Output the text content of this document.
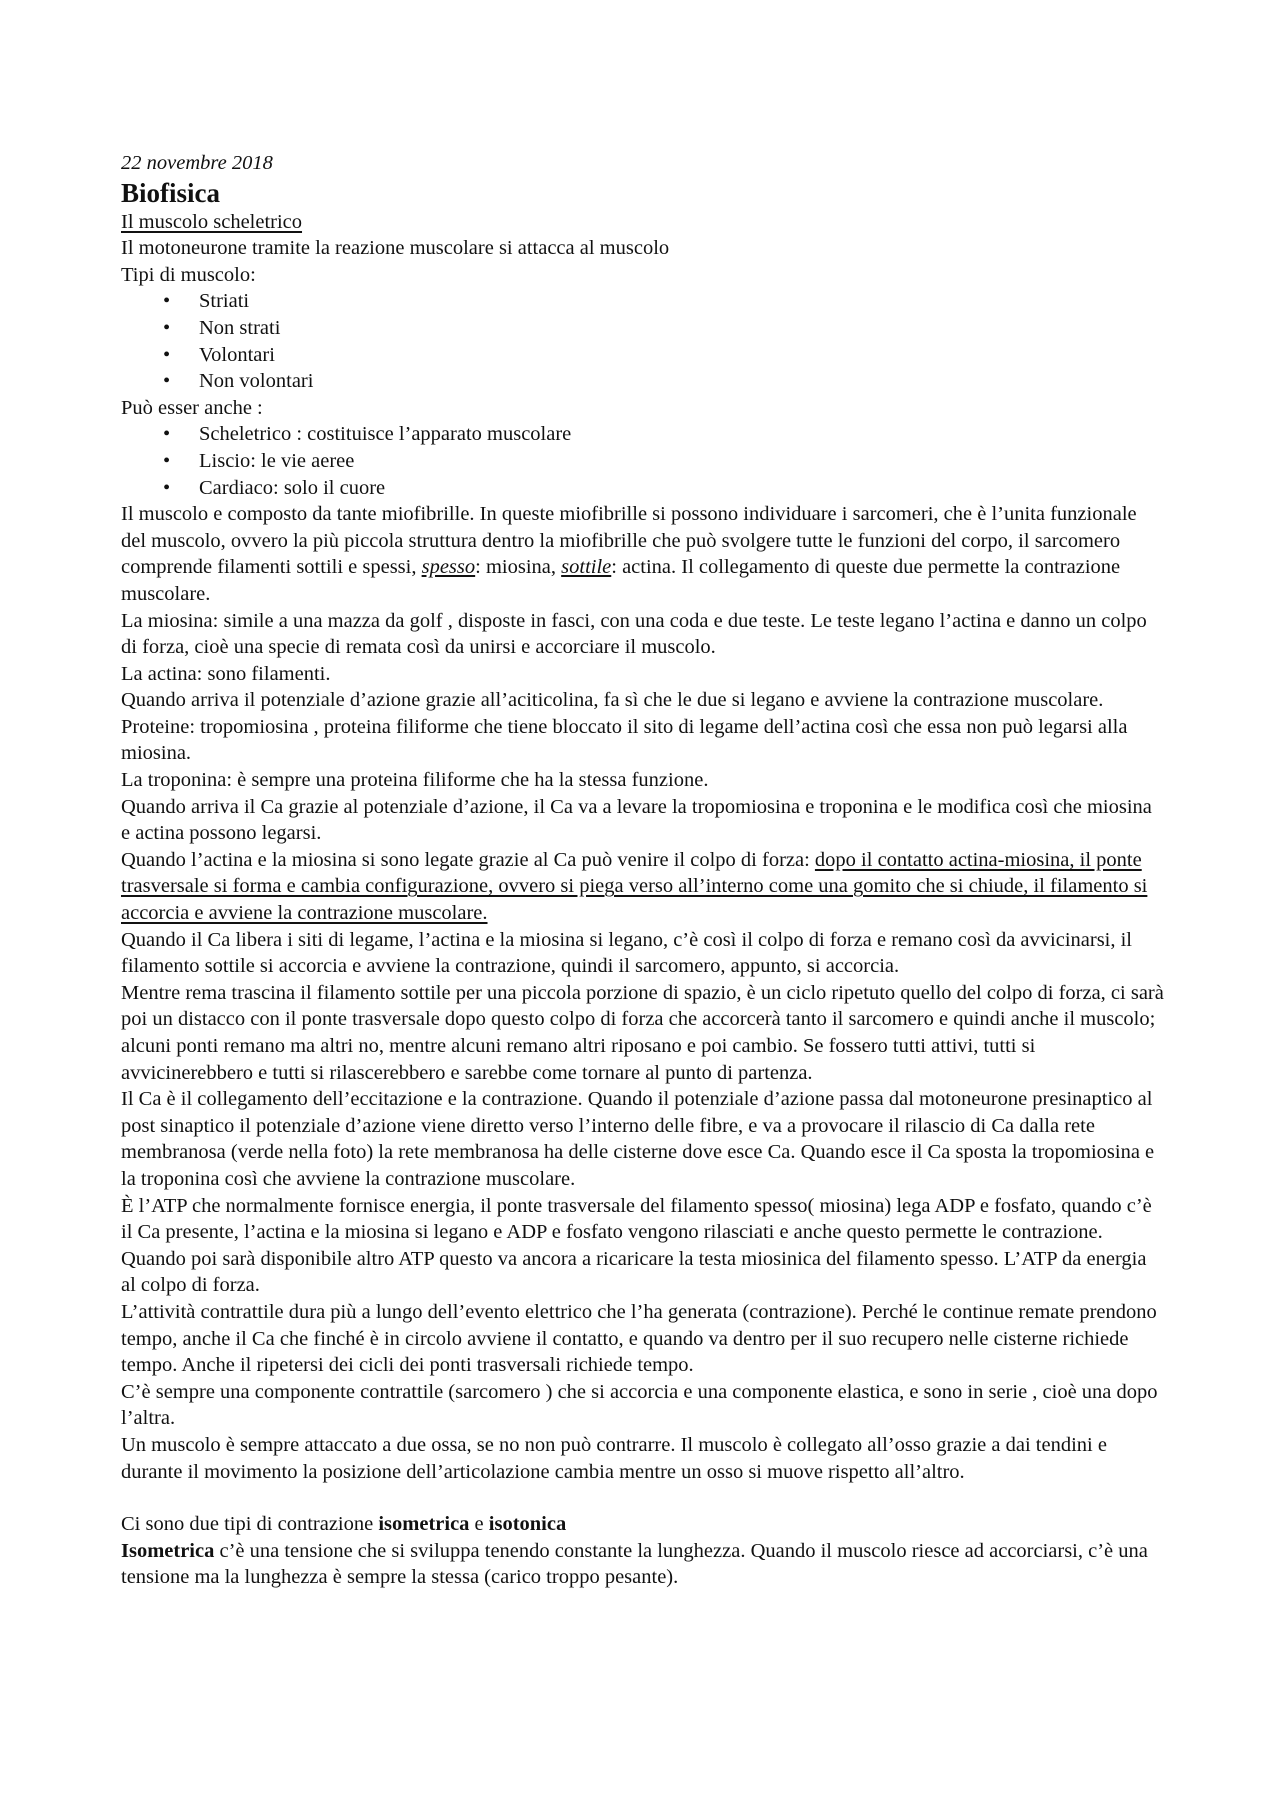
22 novembre 2018

Biofisica

Il muscolo scheletrico

Il motoneurone tramite la reazione muscolare si attacca al muscolo

Tipi di muscolo:

• Striati
• Non strati
• Volontari
• Non volontari

Può esser anche :

• Scheletrico : costituisce l’apparato muscolare
• Liscio: le vie aeree
• Cardiaco: solo il cuore

Il muscolo e composto da tante miofibrille. In queste miofibrille si possono individuare i sarcomeri, che è l’unita funzionale del muscolo, ovvero la più piccola struttura dentro la miofibrille che può svolgere tutte le funzioni del corpo, il sarcomero comprende filamenti sottili e spessi, spesso: miosina, sottile: actina. Il collegamento di queste due permette la contrazione muscolare.

La miosina: simile a una mazza da golf , disposte in fasci, con una coda e due teste. Le teste legano l’actina e danno un colpo di forza, cioè una specie di remata così da unirsi e accorciare il muscolo.

La actina: sono filamenti.

Quando arriva il potenziale d’azione grazie all’aciticolina, fa sì che le due si legano e avviene la contrazione muscolare.

Proteine: tropomiosina , proteina filiforme che tiene bloccato il sito di legame dell’actina così che essa non può legarsi alla miosina.

La troponina: è sempre una proteina filiforme che ha la stessa funzione.

Quando arriva il Ca grazie al potenziale d’azione, il Ca va a levare la tropomiosina e troponina e le modifica così che miosina e actina possono legarsi.

Quando l’actina e la miosina si sono legate grazie al Ca può venire il colpo di forza: dopo il contatto actina-miosina, il ponte trasversale si forma e cambia configurazione, ovvero si piega verso all’interno come una gomito che si chiude, il filamento si accorcia e avviene la contrazione muscolare.

Quando il Ca libera i siti di legame, l’actina e la miosina si legano, c’è così il colpo di forza e remano così da avvicinarsi, il filamento sottile si accorcia e avviene la contrazione, quindi il sarcomero, appunto, si accorcia.

Mentre rema trascina il filamento sottile per una piccola porzione di spazio, è un ciclo ripetuto quello del colpo di forza, ci sarà poi un distacco con il ponte trasversale dopo questo colpo di forza che accorcerà tanto il sarcomero e quindi anche il muscolo; alcuni ponti remano ma altri no, mentre alcuni remano altri riposano e poi cambio. Se fossero tutti attivi, tutti si avvicinerebbero e tutti si rilascerebbero e sarebbe come tornare al punto di partenza.

Il Ca è il collegamento dell’eccitazione e la contrazione. Quando il potenziale d’azione passa dal motoneurone presinaptico al post sinaptico il potenziale d’azione viene diretto verso l’interno delle fibre, e va a provocare il rilascio di Ca dalla rete membranosa (verde nella foto) la rete membranosa ha delle cisterne dove esce Ca. Quando esce il Ca sposta la tropomiosina e la troponina così che avviene la contrazione muscolare.

È l’ATP che normalmente fornisce energia, il ponte trasversale del filamento spesso( miosina) lega ADP e fosfato, quando c’è il Ca presente, l’actina e la miosina si legano e ADP e fosfato vengono rilasciati e anche questo permette le contrazione. Quando poi sarà disponibile altro ATP questo va ancora a ricaricare la testa miosinica del filamento spesso. L’ATP da energia al colpo di forza.

L’attività contrattile dura più a lungo dell’evento elettrico che l’ha generata (contrazione). Perché le continue remate prendono tempo, anche il Ca che finché è in circolo avviene il contatto, e quando va dentro per il suo recupero nelle cisterne richiede tempo. Anche il ripetersi dei cicli dei ponti trasversali richiede tempo.

C’è sempre una componente contrattile (sarcomero ) che si accorcia e una componente elastica, e sono in serie , cioè una dopo l’altra.

Un muscolo è sempre attaccato a due ossa, se no non può contrarre. Il muscolo è collegato all’osso grazie a dai tendini e durante il movimento la posizione dell’articolazione cambia mentre un osso si muove rispetto all’altro.

Ci sono due tipi di contrazione isometrica e isotonica

Isometrica c’è una tensione che si sviluppa tenendo constante la lunghezza. Quando il muscolo riesce ad accorciarsi, c’è una tensione ma la lunghezza è sempre la stessa (carico troppo pesante).
